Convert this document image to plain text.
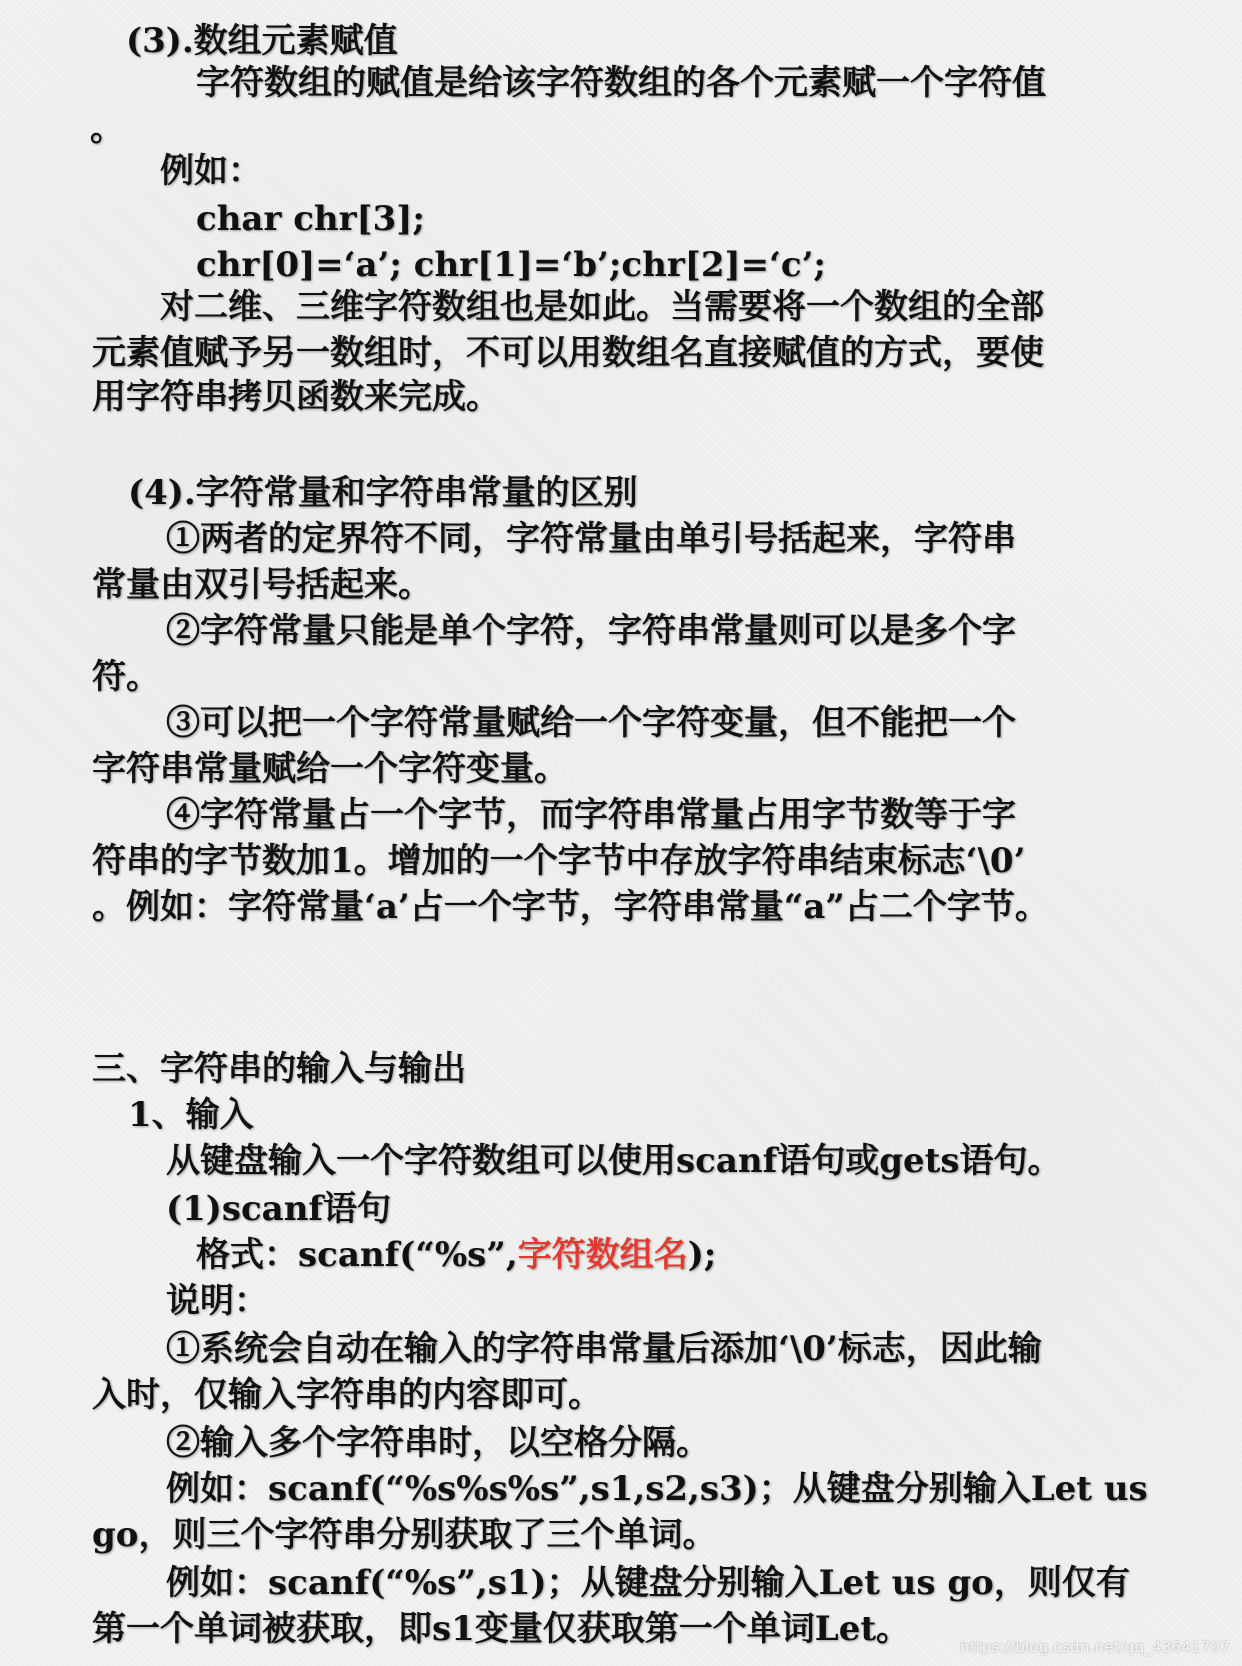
(3).数组元素赋值
字符数组的赋值是给该字符数组的各个元素赋一个字符值
。
例如：
char chr[3];
chr[0]=‘a’; chr[1]=‘b’;chr[2]=‘c’;
对二维、三维字符数组也是如此。当需要将一个数组的全部
元素值赋予另一数组时，不可以用数组名直接赋值的方式，要使
用字符串拷贝函数来完成。
(4).字符常量和字符串常量的区别
①两者的定界符不同，字符常量由单引号括起来，字符串
常量由双引号括起来。
②字符常量只能是单个字符，字符串常量则可以是多个字
符。
③可以把一个字符常量赋给一个字符变量，但不能把一个
字符串常量赋给一个字符变量。
④字符常量占一个字节，而字符串常量占用字节数等于字
符串的字节数加1。增加的一个字节中存放字符串结束标志‘\0’
。例如：字符常量‘a’占一个字节，字符串常量“a”占二个字节。
三、字符串的输入与输出
1、输入
从键盘输入一个字符数组可以使用scanf语句或gets语句。
(1)scanf语句
格式：scanf(“%s”,字符数组名);
说明：
①系统会自动在输入的字符串常量后添加‘\0’标志，因此输
入时，仅输入字符串的内容即可。
②输入多个字符串时，以空格分隔。
例如：scanf(“%s%s%s”,s1,s2,s3)；从键盘分别输入Let us
go，则三个字符串分别获取了三个单词。
例如：scanf(“%s”,s1)；从键盘分别输入Let us go，则仅有
第一个单词被获取，即s1变量仅获取第一个单词Let。	https://blog.csdn.net/qq_43641707
